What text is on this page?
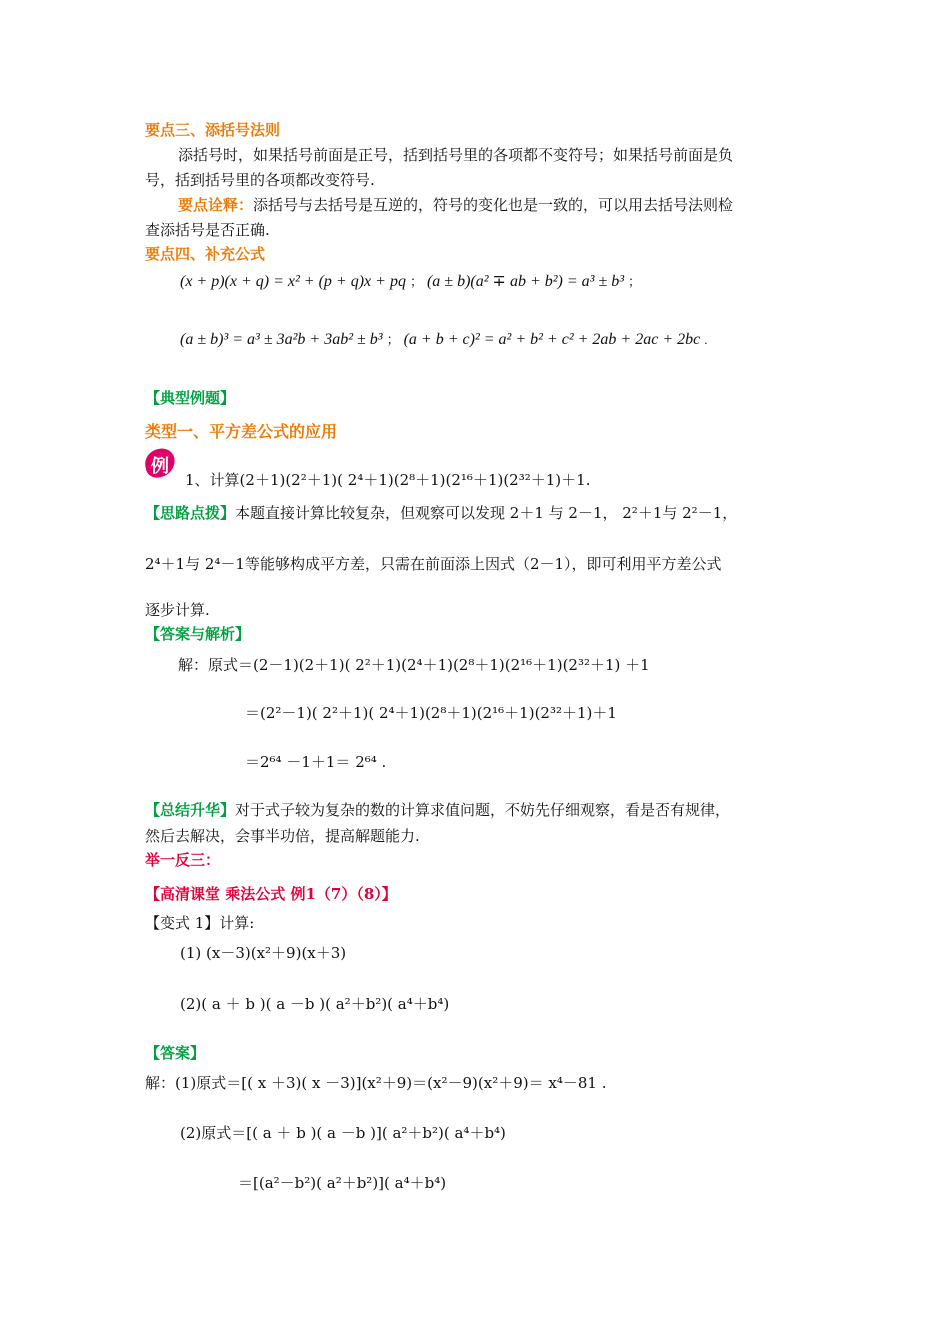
要点三、添括号法则
添括号时，如果括号前面是正号，括到括号里的各项都不变符号；如果括号前面是负
号，括到括号里的各项都改变符号.
要点诠释：添括号与去括号是互逆的，符号的变化也是一致的，可以用去括号法则检
查添括号是否正确.
要点四、补充公式
(x + p)(x + q) = x² + (p + q)x + pq ； (a ± b)(a² ∓ ab + b²) = a³ ± b³ ；
(a ± b)³ = a³ ± 3a²b + 3ab² ± b³ ； (a + b + c)² = a² + b² + c² + 2ab + 2ac + 2bc .
【典型例题】
类型一、平方差公式的应用
例
1、计算(2＋1)(2²＋1)( 2⁴＋1)(2⁸＋1)(2¹⁶＋1)(2³²＋1)＋1.
【思路点拨】本题直接计算比较复杂，但观察可以发现 2＋1 与 2－1， 2²＋1与 2²－1，
2⁴＋1与 2⁴－1等能够构成平方差，只需在前面添上因式（2－1），即可利用平方差公式
逐步计算.
【答案与解析】
解：原式＝(2－1)(2＋1)( 2²＋1)(2⁴＋1)(2⁸＋1)(2¹⁶＋1)(2³²＋1) ＋1
＝(2²－1)( 2²＋1)( 2⁴＋1)(2⁸＋1)(2¹⁶＋1)(2³²＋1)＋1
＝2⁶⁴ －1＋1＝ 2⁶⁴ .
【总结升华】对于式子较为复杂的数的计算求值问题，不妨先仔细观察，看是否有规律，
然后去解决，会事半功倍，提高解题能力.
举一反三：
【高清课堂 乘法公式 例1（7）（8）】
【变式 1】计算:
(1) (x－3)(x²＋9)(x＋3)
(2)( a ＋ b )( a －b )( a²＋b²)( a⁴＋b⁴)
【答案】
解：(1)原式＝[( x ＋3)( x －3)](x²＋9)＝(x²－9)(x²＋9)＝ x⁴－81 .
(2)原式＝[( a ＋ b )( a －b )]( a²＋b²)( a⁴＋b⁴)
＝[(a²－b²)( a²＋b²)]( a⁴＋b⁴)
